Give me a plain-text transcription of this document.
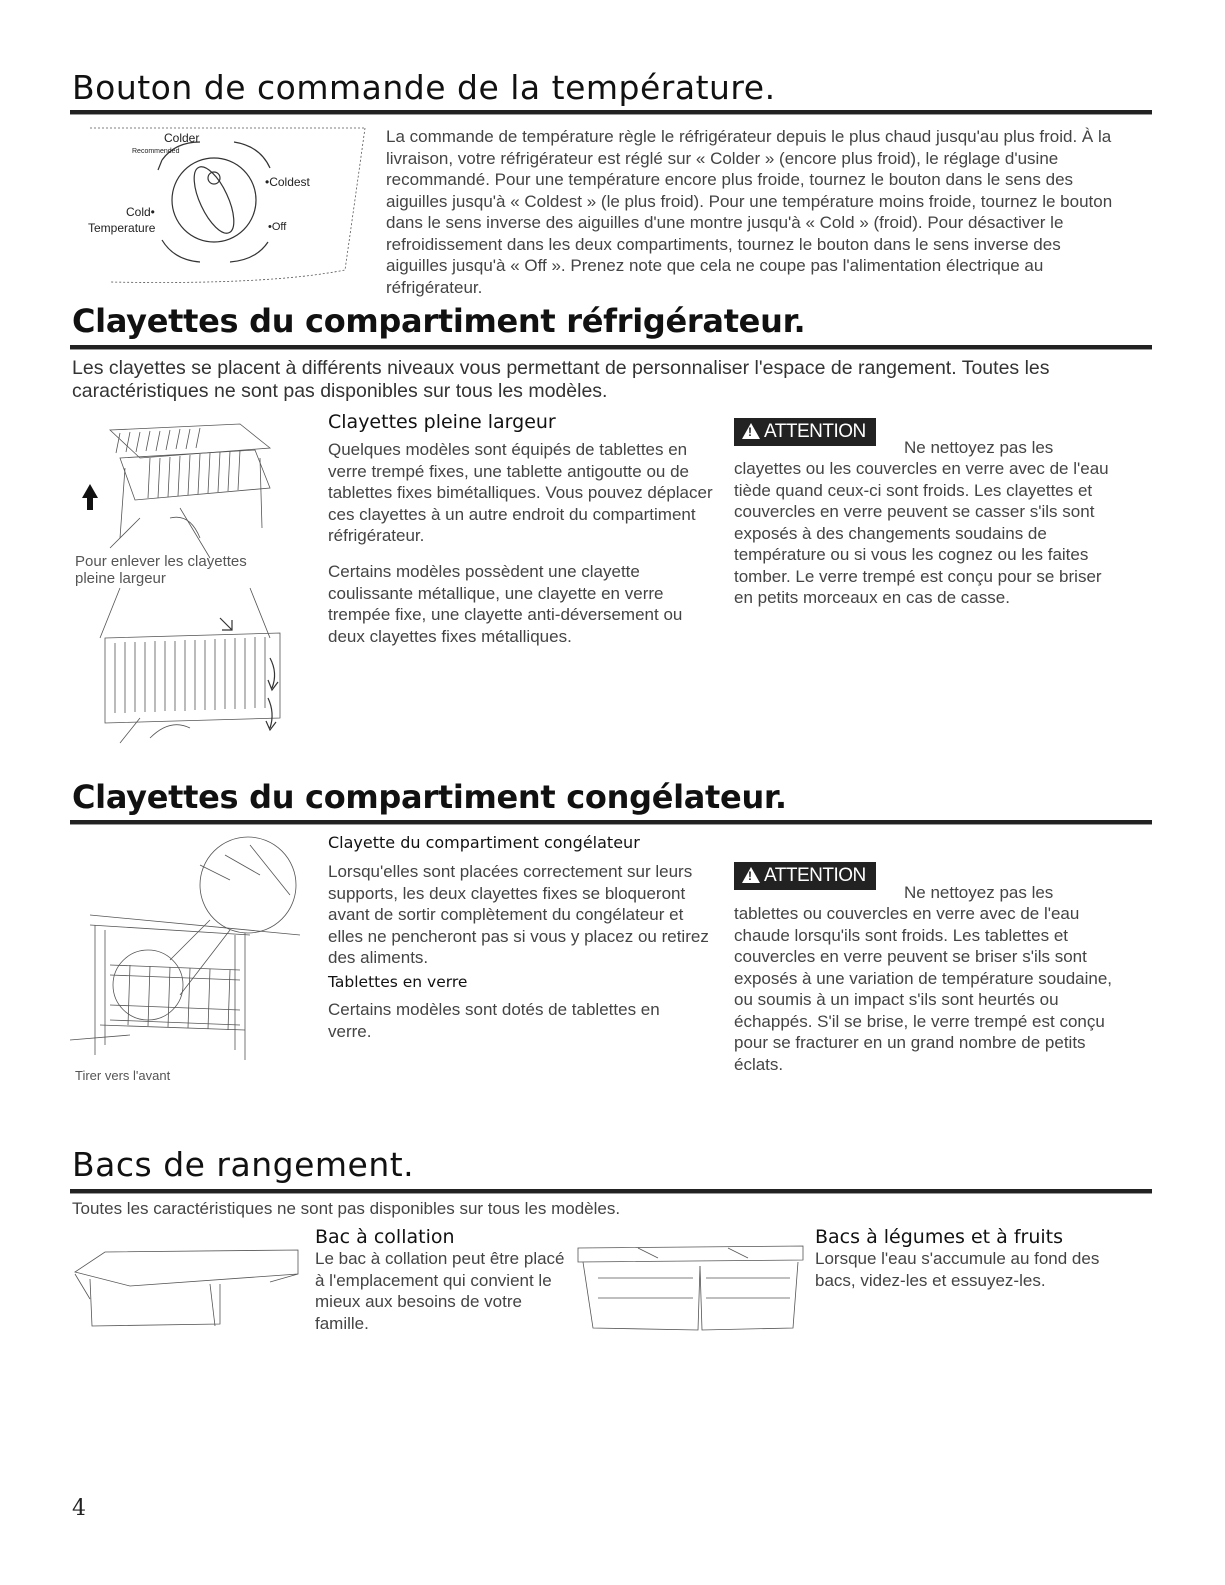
Bouton de commande de la température.
Colder
Recommended
•Coldest
Cold•
Temperature	•Off
La commande de température règle le réfrigérateur depuis le plus chaud jusqu'au plus froid. À la livraison, votre réfrigérateur est réglé sur « Colder » (encore plus froid), le réglage d'usine recommandé. Pour une température encore plus froide, tournez le bouton dans le sens des aiguilles jusqu'à « Coldest » (le plus froid). Pour une température moins froide, tournez le bouton dans le sens inverse des aiguilles d'une montre jusqu'à « Cold » (froid). Pour désactiver le refroidissement dans les deux compartiments, tournez le bouton dans le sens inverse des aiguilles jusqu'à « Off ». Prenez note que cela ne coupe pas l'alimentation électrique au réfrigérateur.
Clayettes du compartiment réfrigérateur.
Les clayettes se placent à différents niveaux vous permettant de personnaliser l'espace de rangement. Toutes les caractéristiques ne sont pas disponibles sur tous les modèles.
Pour enlever les clayettes pleine largeur
Clayettes pleine largeur
Quelques modèles sont équipés de tablettes en verre trempé fixes, une tablette antigoutte ou de tablettes fixes bimétalliques. Vous pouvez déplacer ces clayettes à un autre endroit du compartiment réfrigérateur.
Certains modèles possèdent une clayette coulissante métallique, une clayette en verre trempée fixe, une clayette anti-déversement ou deux clayettes fixes métalliques.
!ATTENTION
Ne nettoyez pas les
clayettes ou les couvercles en verre avec de l'eau tiède quand ceux-ci sont froids. Les clayettes et couvercles en verre peuvent se casser s'ils sont exposés à des changements soudains de température ou si vous les cognez ou les faites tomber. Le verre trempé est conçu pour se briser en petits morceaux en cas de casse.
Clayettes du compartiment congélateur.
Tirer vers l'avant
Clayette du compartiment congélateur
Lorsqu'elles sont placées correctement sur leurs supports, les deux clayettes fixes se bloqueront avant de sortir complètement du congélateur et elles ne pencheront pas si vous y placez ou retirez des aliments.
Tablettes en verre
Certains modèles sont dotés de tablettes en verre.
!ATTENTION
Ne nettoyez pas les
tablettes ou couvercles en verre avec de l'eau chaude lorsqu'ils sont froids. Les tablettes et couvercles en verre peuvent se briser s'ils sont exposés à une variation de température soudaine, ou soumis à un impact s'ils sont heurtés ou échappés. S'il se brise, le verre trempé est conçu pour se fracturer en un grand nombre de petits éclats.
Bacs de rangement.
Toutes les caractéristiques ne sont pas disponibles sur tous les modèles.
Bac à collation
Le bac à collation peut être placé à l'emplacement qui convient le mieux aux besoins de votre famille.
Bacs à légumes et à fruits
Lorsque l'eau s'accumule au fond des bacs, videz-les et essuyez-les.
4
